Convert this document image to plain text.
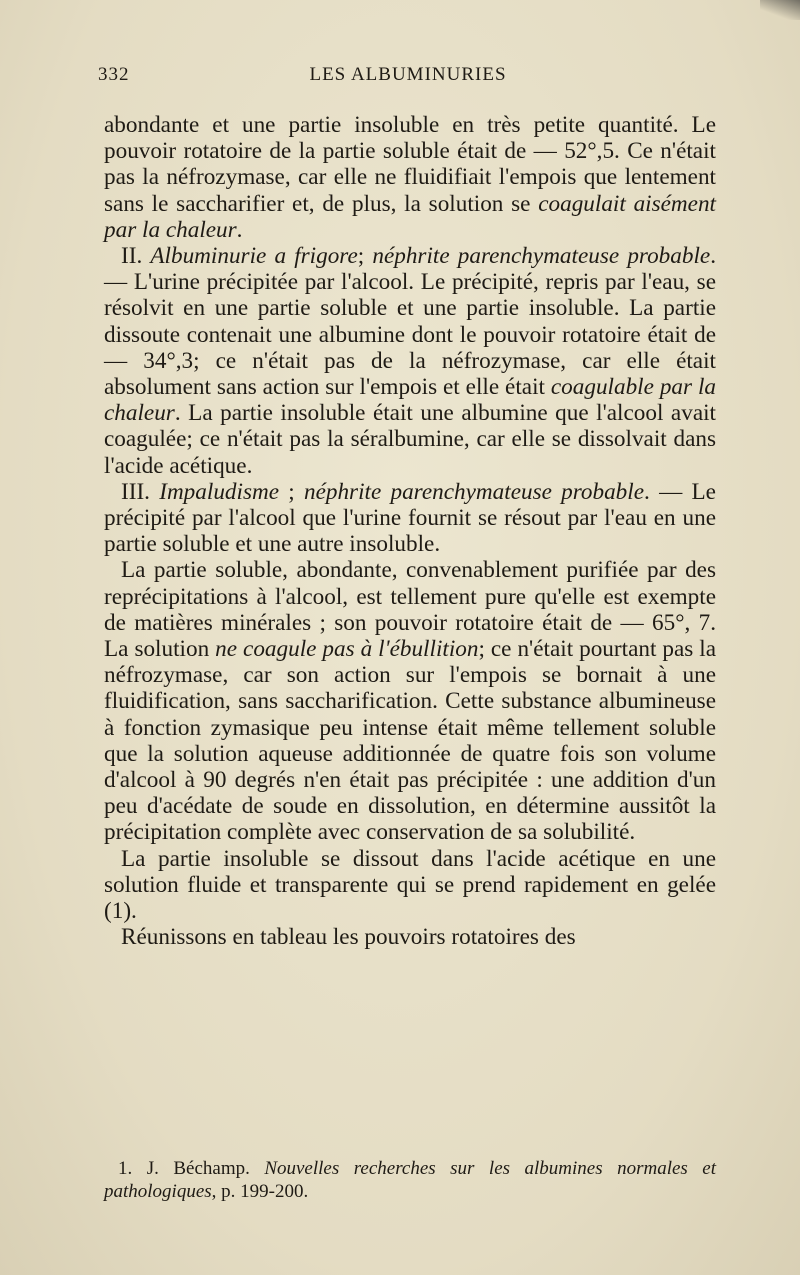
332	LES ALBUMINURIES

abondante et une partie insoluble en très petite quantité. Le pouvoir rotatoire de la partie soluble était de — 52°,5. Ce n'était pas la néfrozymase, car elle ne fluidifiait l'empois que lentement sans le saccharifier et, de plus, la solution se coagulait aisément par la chaleur.

II. Albuminurie a frigore; néphrite parenchymateuse probable. — L'urine précipitée par l'alcool. Le précipité, repris par l'eau, se résolvit en une partie soluble et une partie insoluble. La partie dissoute contenait une albumine dont le pouvoir rotatoire était de — 34°,3; ce n'était pas de la néfrozymase, car elle était absolument sans action sur l'empois et elle était coagulable par la chaleur. La partie insoluble était une albumine que l'alcool avait coagulée; ce n'était pas la séralbumine, car elle se dissolvait dans l'acide acétique.

III. Impaludisme ; néphrite parenchymateuse probable. — Le précipité par l'alcool que l'urine fournit se résout par l'eau en une partie soluble et une autre insoluble.

La partie soluble, abondante, convenablement purifiée par des reprécipitations à l'alcool, est tellement pure qu'elle est exempte de matières minérales ; son pouvoir rotatoire était de — 65°, 7. La solution ne coagule pas à l'ébullition; ce n'était pourtant pas la néfrozymase, car son action sur l'empois se bornait à une fluidification, sans saccharification. Cette substance albumineuse à fonction zymasique peu intense était même tellement soluble que la solution aqueuse additionnée de quatre fois son volume d'alcool à 90 degrés n'en était pas précipitée : une addition d'un peu d'acédate de soude en dissolution, en détermine aussitôt la précipitation complète avec conservation de sa solubilité.

La partie insoluble se dissout dans l'acide acétique en une solution fluide et transparente qui se prend rapidement en gelée (1).

Réunissons en tableau les pouvoirs rotatoires des

1. J. Béchamp. Nouvelles recherches sur les albumines normales et pathologiques, p. 199-200.
